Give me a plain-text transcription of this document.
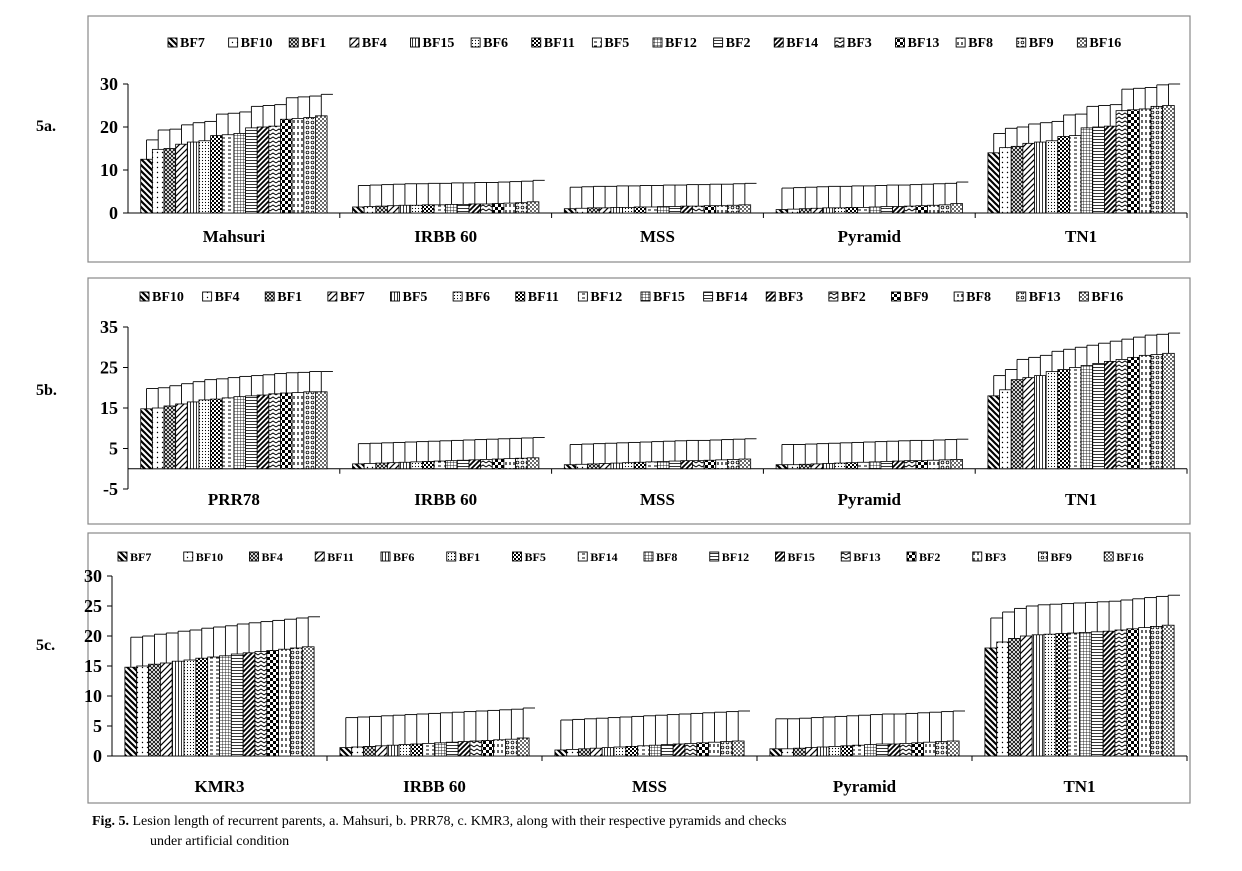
0
10
20
30
Mahsuri	IRBB 60	MSS	Pyramid	TN1
BF7	BF10 BF1	BF4	BF15 BF6	BF11 BF5	BF12 BF2	BF14 BF3	BF13 BF8	BF9	BF16
-5
5
15
25
35
PRR78	IRBB 60	MSS	Pyramid	TN1
BF10 BF4	BF1	BF7	BF5	BF6	BF11 BF12 BF15 BF14 BF3	BF2	BF9	BF8	BF13 BF16
0
5
10
15
20
25
30
KMR3	IRBB 60	MSS	Pyramid	TN1
BF7	BF10	BF4	BF11	BF6	BF1	BF5	BF14	BF8	BF12	BF15	BF13	BF2	BF3	BF9	BF16
5a.
5b.
5c.
Fig. 5. Lesion length of recurrent parents, a. Mahsuri, b. PRR78, c. KMR3, along with their respective pyramids and checks
under artificial condition
